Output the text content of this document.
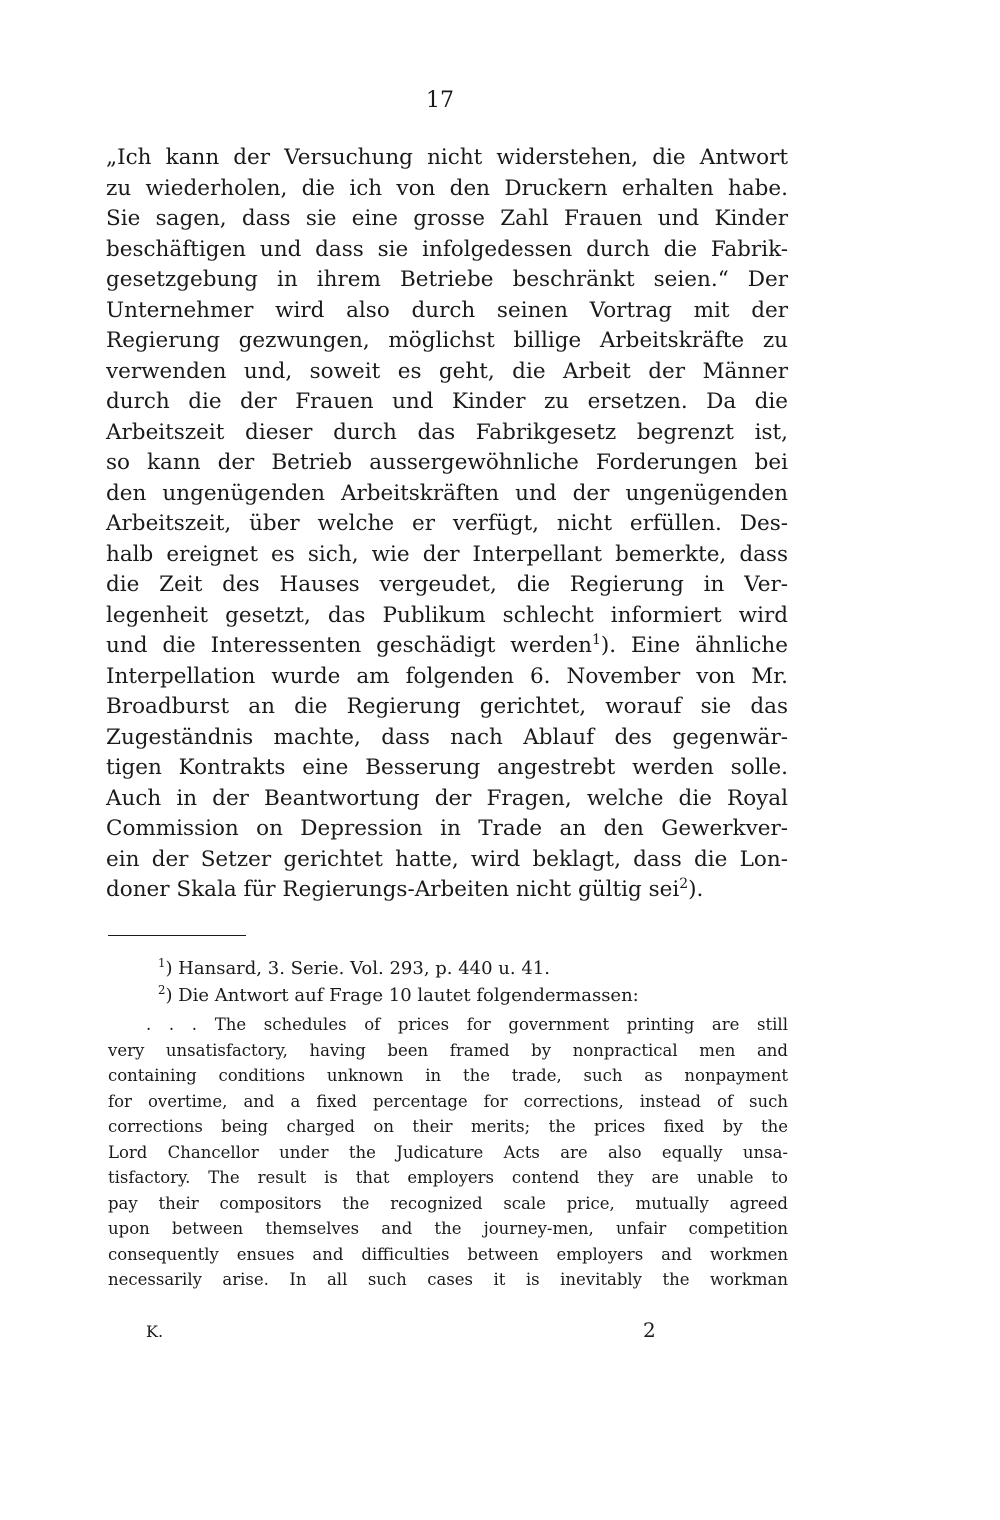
17
„Ich kann der Versuchung nicht widerstehen, die Antwort
zu wiederholen, die ich von den Druckern erhalten habe.
Sie sagen, dass sie eine grosse Zahl Frauen und Kinder
beschäftigen und dass sie infolgedessen durch die Fabrik-
gesetzgebung in ihrem Betriebe beschränkt seien.“ Der
Unternehmer wird also durch seinen Vortrag mit der
Regierung gezwungen, möglichst billige Arbeitskräfte zu
verwenden und, soweit es geht, die Arbeit der Männer
durch die der Frauen und Kinder zu ersetzen. Da die
Arbeitszeit dieser durch das Fabrikgesetz begrenzt ist,
so kann der Betrieb aussergewöhnliche Forderungen bei
den ungenügenden Arbeitskräften und der ungenügenden
Arbeitszeit, über welche er verfügt, nicht erfüllen. Des-
halb ereignet es sich, wie der Interpellant bemerkte, dass
die Zeit des Hauses vergeudet, die Regierung in Ver-
legenheit gesetzt, das Publikum schlecht informiert wird
und die Interessenten geschädigt werden$^1$). Eine ähnliche
Interpellation wurde am folgenden 6. November von Mr.
Broadburst an die Regierung gerichtet, worauf sie das
Zugeständnis machte, dass nach Ablauf des gegenwär-
tigen Kontrakts eine Besserung angestrebt werden solle.
Auch in der Beantwortung der Fragen, welche die Royal
Commission on Depression in Trade an den Gewerkver-
ein der Setzer gerichtet hatte, wird beklagt, dass die Lon-
doner Skala für Regierungs-Arbeiten nicht gültig sei$^2$).
$^1$) Hansard, 3. Serie. Vol. 293, p. 440 u. 41.
$^2$) Die Antwort auf Frage 10 lautet folgendermassen:
. . . The schedules of prices for government printing are still
very unsatisfactory, having been framed by nonpractical men and
containing conditions unknown in the trade, such as nonpayment
for overtime, and a fixed percentage for corrections, instead of such
corrections being charged on their merits; the prices fixed by the
Lord Chancellor under the Judicature Acts are also equally unsa-
tisfactory. The result is that employers contend they are unable to
pay their compositors the recognized scale price, mutually agreed
upon between themselves and the journey-men, unfair competition
consequently ensues and difficulties between employers and workmen
necessarily arise. In all such cases it is inevitably the workman
K.	2
